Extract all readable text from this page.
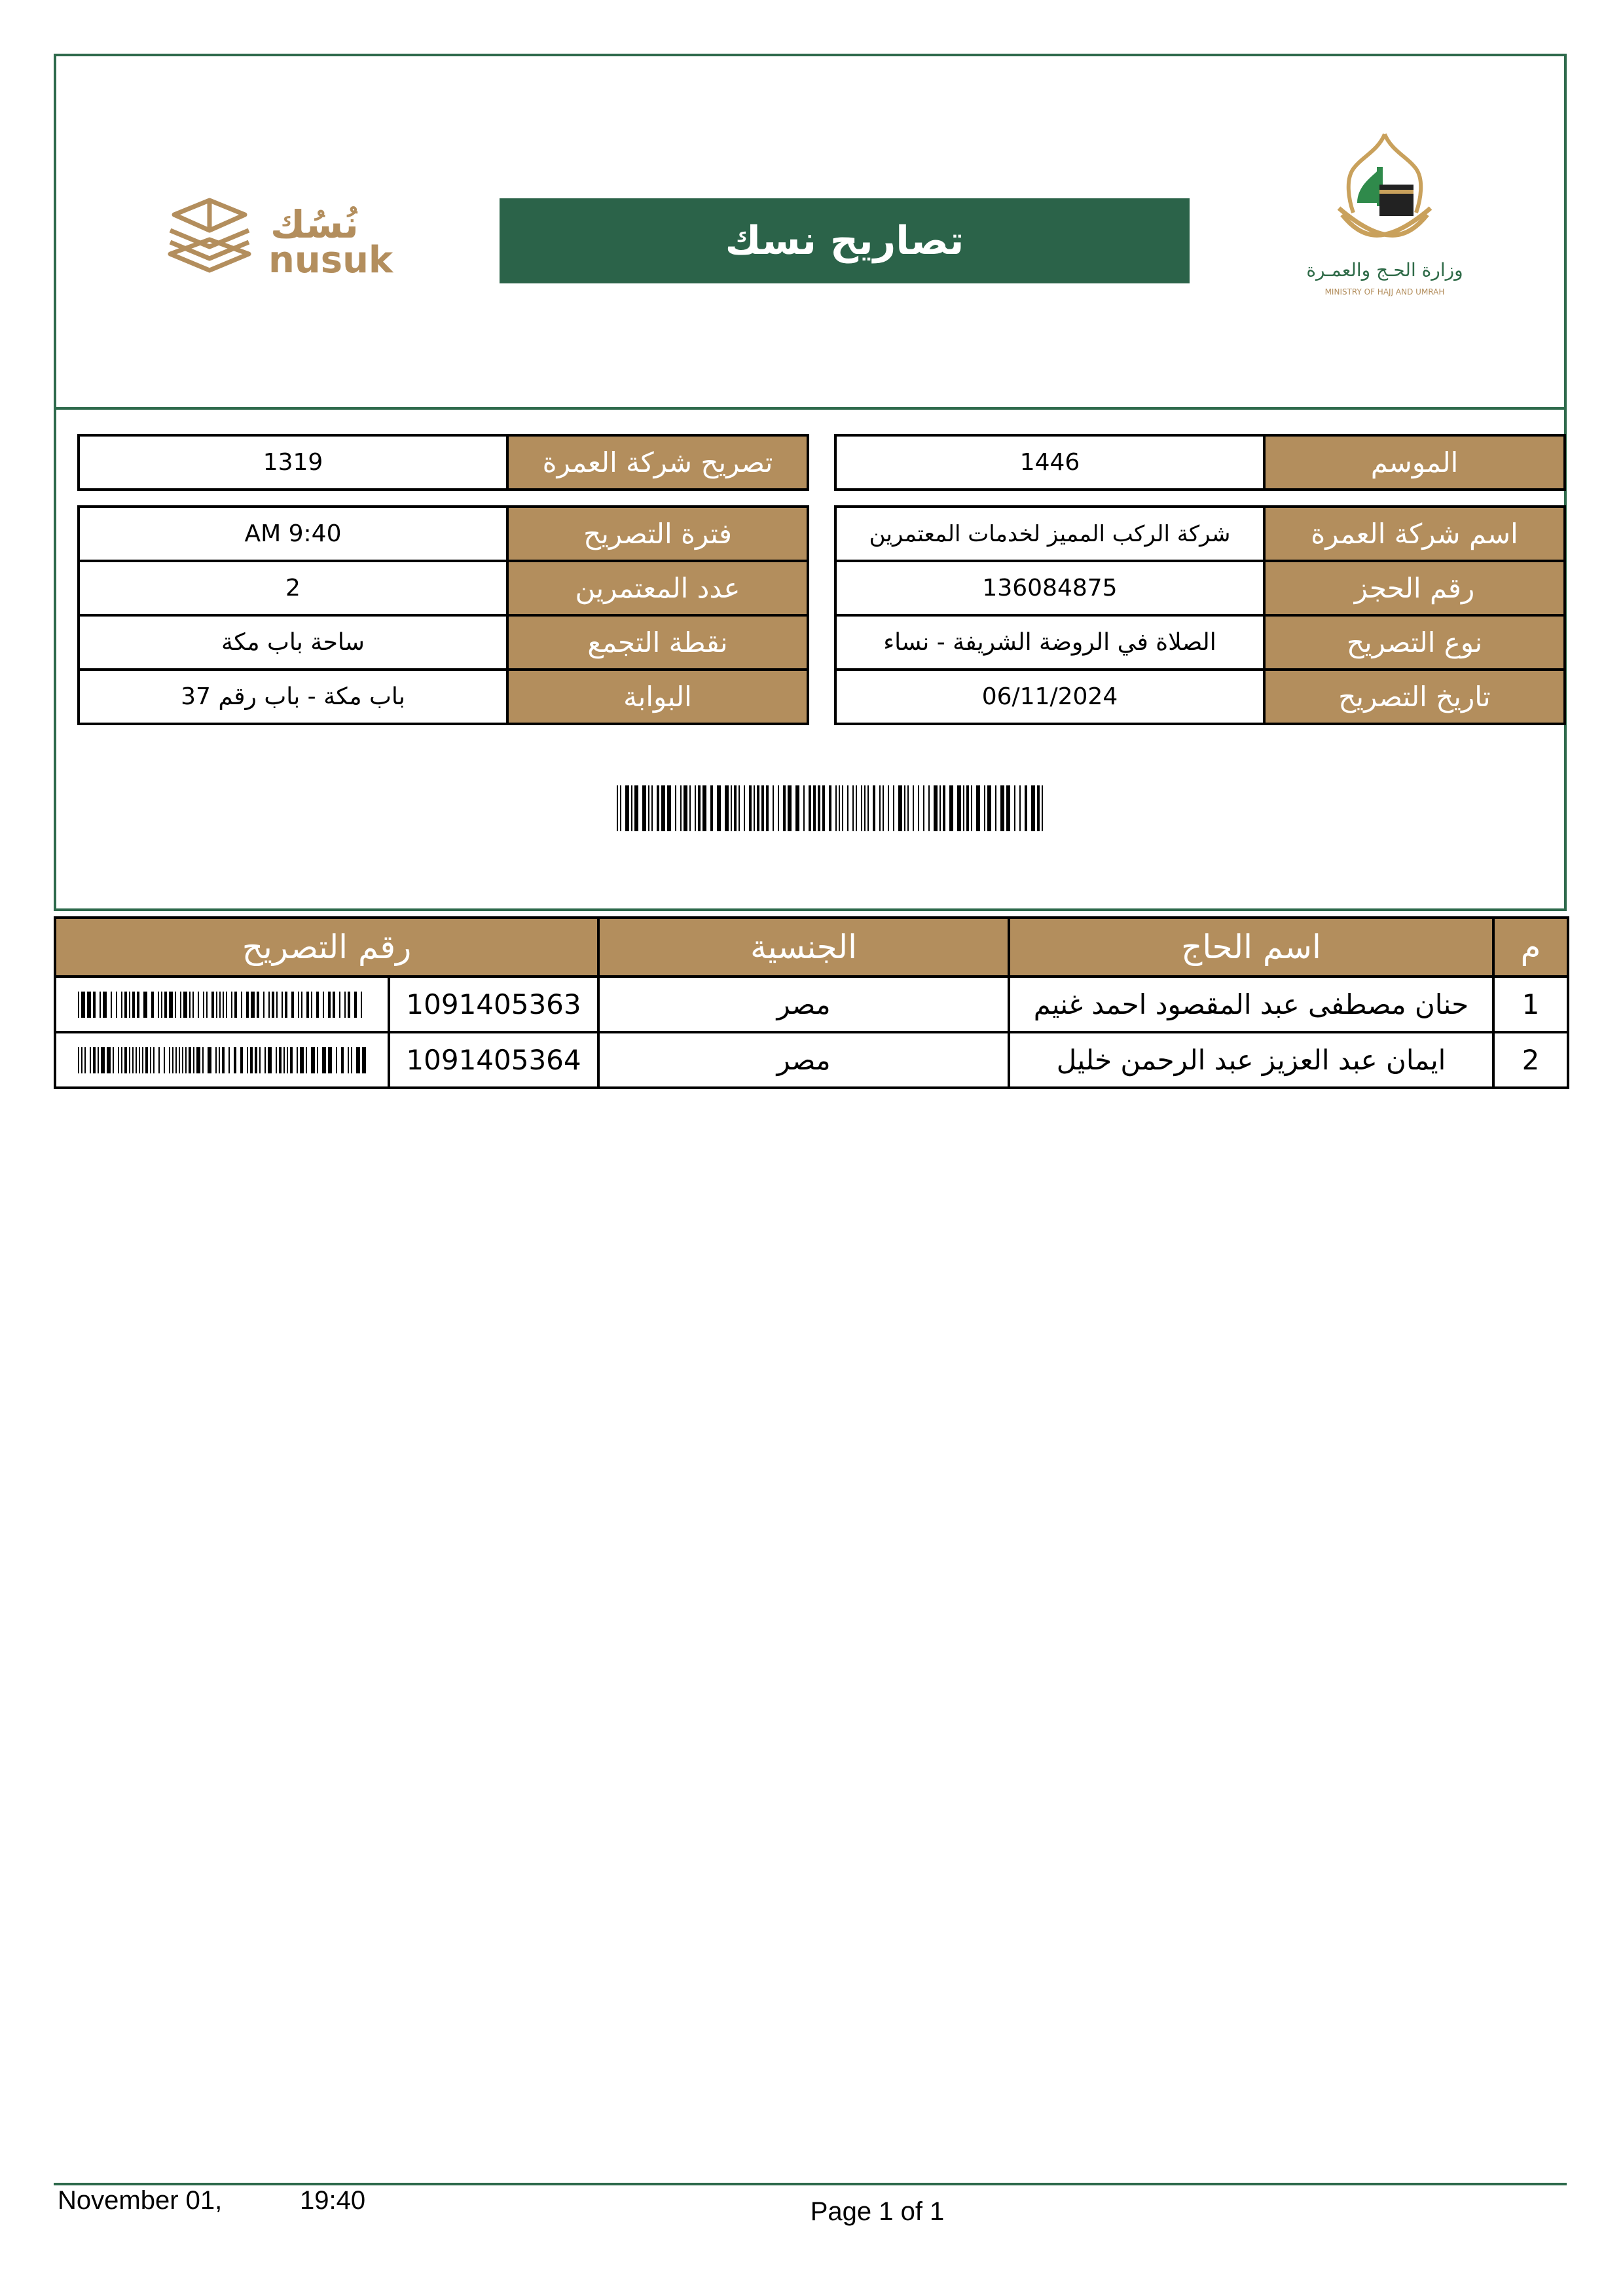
نُسُك
nusuk	تصاريح نسك
وزارة الحـج والعمـرة
MINISTRY OF HAJJ AND UMRAH
الموسم	1446
اسم شركة العمرة	شركة الركب المميز لخدمات المعتمرين
رقم الحجز	136084875
نوع التصريح	الصلاة في الروضة الشريفة - نساء
تاريخ التصريح	06/11/2024
تصريح شركة العمرة	1319
فترة التصريح	9:40 AM
عدد المعتمرين	2
نقطة التجمع	ساحة باب مكة
البوابة	باب مكة - باب رقم 37
م	اسم الحاج	الجنسية	رقم التصريح	
1	حنان مصطفى عبد المقصود احمد غنيم	مصر	1091405363	

2	ايمان عبد العزيز عبد الرحمن خليل	مصر	1091405364	
November 01,	19:40	Page 1 of 1
